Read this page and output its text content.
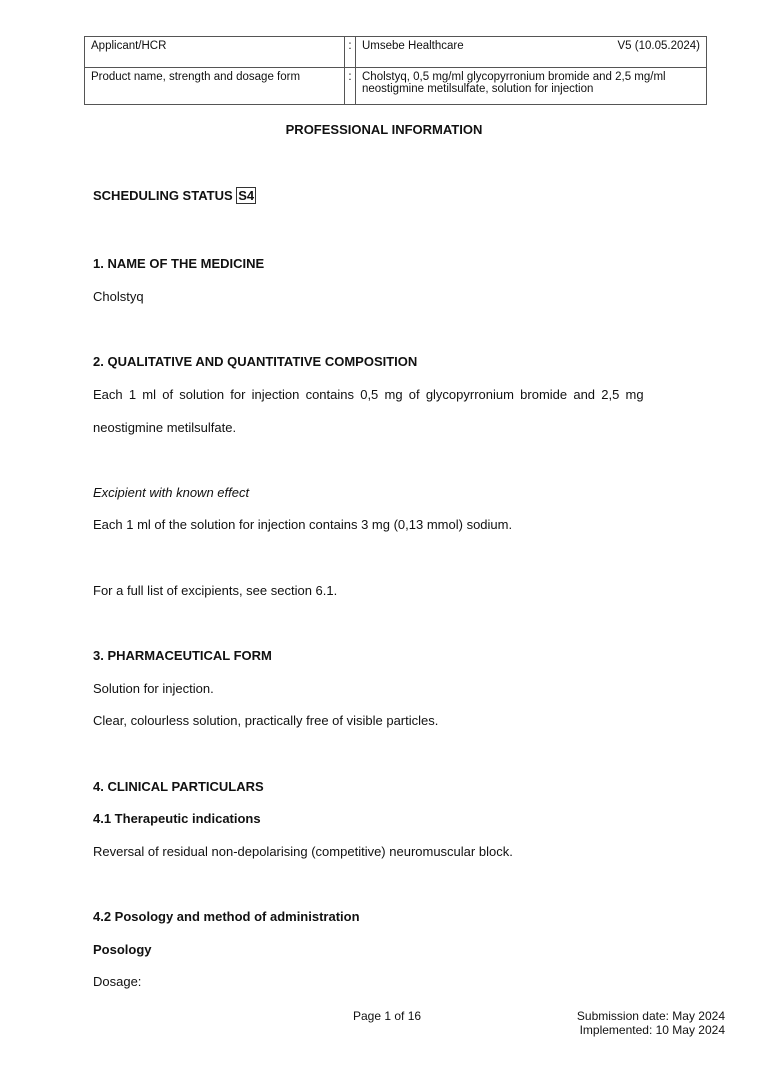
Applicant/HCR	:	Umsebe Healthcare V5 (10.05.2024)

Product name, strength and dosage form	:	Cholstyq, 0,5 mg/ml glycopyrronium bromide and 2,5 mg/ml
neostigmine metilsulfate, solution for injection
PROFESSIONAL INFORMATION
SCHEDULING STATUS S4
1. NAME OF THE MEDICINE
Cholstyq
2. QUALITATIVE AND QUANTITATIVE COMPOSITION
Each 1 ml of solution for injection contains 0,5 mg of glycopyrronium bromide and 2,5 mg
neostigmine metilsulfate.
Excipient with known effect
Each 1 ml of the solution for injection contains 3 mg (0,13 mmol) sodium.
For a full list of excipients, see section 6.1.
3. PHARMACEUTICAL FORM
Solution for injection.
Clear, colourless solution, practically free of visible particles.
4. CLINICAL PARTICULARS
4.1 Therapeutic indications
Reversal of residual non-depolarising (competitive) neuromuscular block.
4.2 Posology and method of administration
Posology
Dosage:
Page 1 of 16	Submission date: May 2024
Implemented: 10 May 2024
